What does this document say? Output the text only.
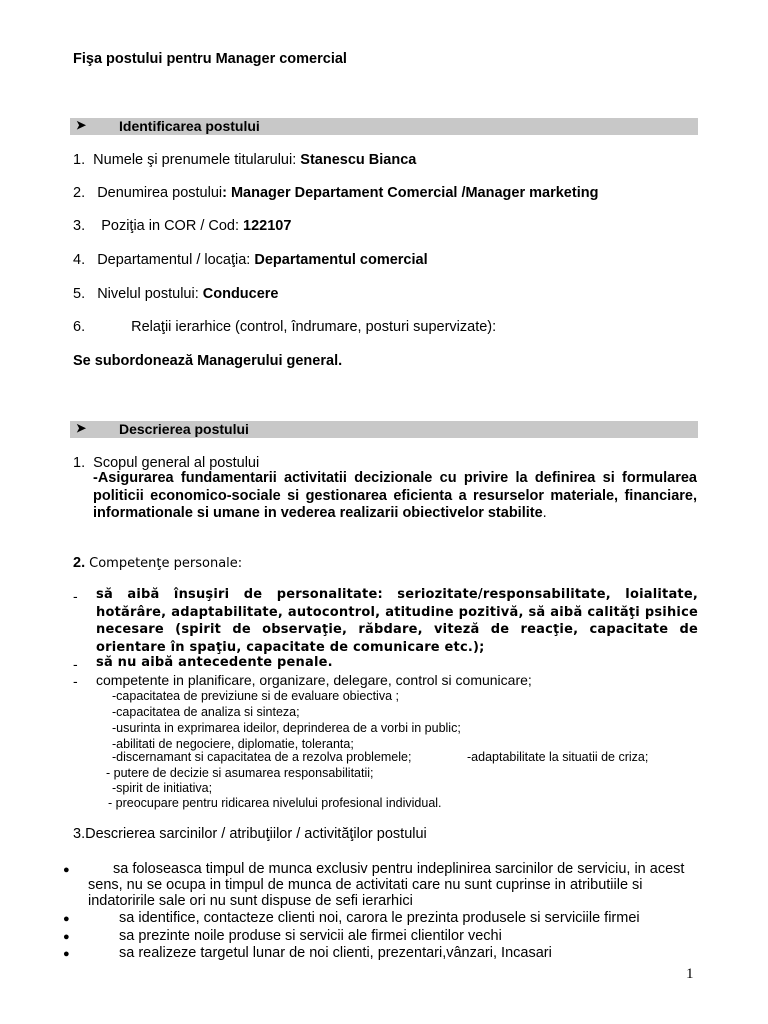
Fişa postului pentru Manager comercial
➤ Identificarea postului
1. Numele şi prenumele titularului: Stanescu Bianca
2. Denumirea postului: Manager Departament Comercial /Manager marketing
3. Poziţia in COR / Cod: 122107
4. Departamentul / locaţia: Departamentul comercial
5. Nivelul postului: Conducere
6.	Relaţii ierarhice (control, îndrumare, posturi supervizate):
Se subordonează Managerului general.
➤ Descrierea postului
1. Scopul general al postului
-Asigurarea fundamentarii activitatii decizionale cu privire la definirea si formularea politicii economico-sociale si gestionarea eficienta a resurselor materiale, financiare, informationale si umane in vederea realizarii obiectivelor stabilite.
2. Competenţe personale:
- să aibă însuşiri de personalitate: seriozitate/responsabilitate, loialitate, hotărâre, adaptabilitate, autocontrol, atitudine pozitivă, să aibă calităţi psihice necesare (spirit de observaţie, răbdare, viteză de reacţie, capacitate de orientare în spaţiu, capacitate de comunicare etc.);
- să nu aibă antecedente penale.
- competente in planificare, organizare, delegare, control si comunicare;
-capacitatea de previziune si de evaluare obiectiva ;
-capacitatea de analiza si sinteza;
-usurinta in exprimarea ideilor, deprinderea de a vorbi in public;
-abilitati de negociere, diplomatie, toleranta;
-discernamant si capacitatea de a rezolva problemele;	-adaptabilitate la situatii de criza;
- putere de decizie si asumarea responsabilitatii;
-spirit de initiativa;
- preocupare pentru ridicarea nivelului profesional individual.
3.Descrierea sarcinilor / atribuţiilor / activităţilor postului
●	sa foloseasca timpul de munca exclusiv pentru indeplinirea sarcinilor de serviciu, in acest sens, nu se ocupa in timpul de munca de activitati care nu sunt cuprinse in atributiile si indatoririle sale ori nu sunt dispuse de sefi ierarhici
●	sa identifice, contacteze clienti noi, carora le prezinta produsele si serviciile firmei
●	sa prezinte noile produse si servicii ale firmei clientilor vechi
●	sa realizeze targetul lunar de noi clienti, prezentari,vânzari, Incasari
1
